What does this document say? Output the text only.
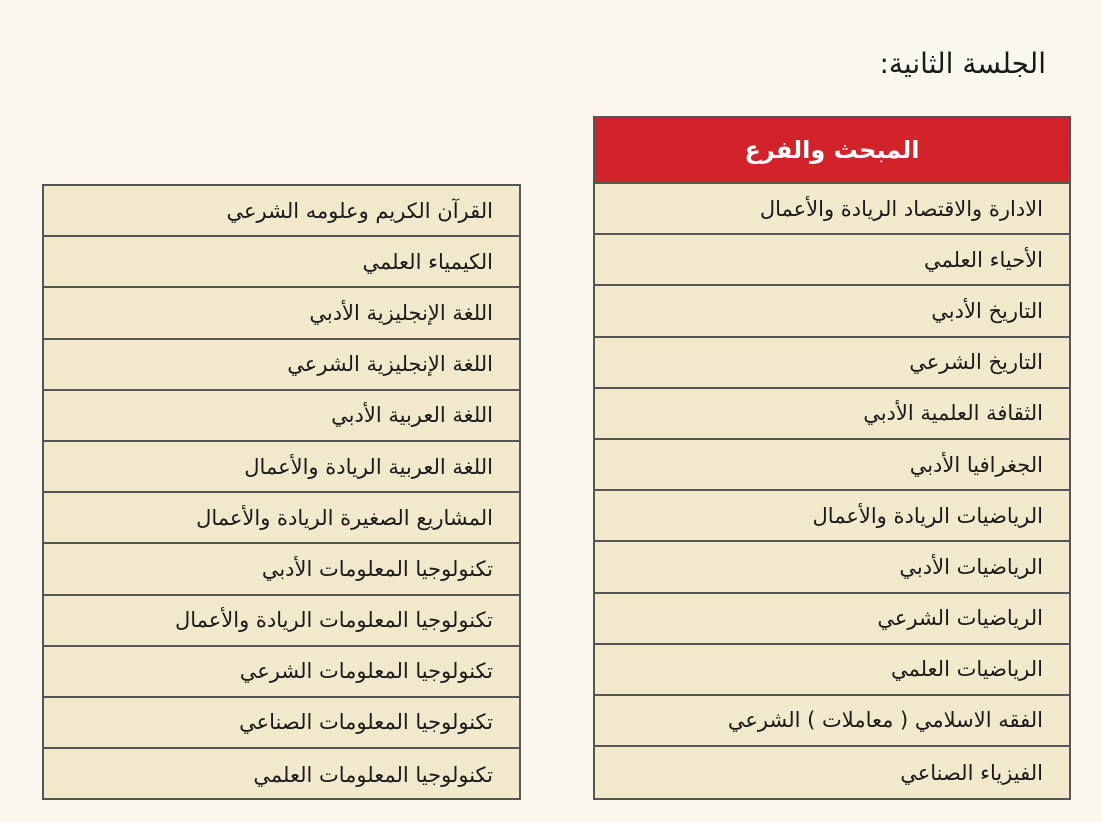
الجلسة الثانية:
المبحث والفرع
الادارة والاقتصاد الريادة والأعمال
الأحياء العلمي
التاريخ الأدبي
التاريخ الشرعي
الثقافة العلمية الأدبي
الجغرافيا الأدبي
الرياضيات الريادة والأعمال
الرياضيات الأدبي
الرياضيات الشرعي
الرياضيات العلمي
الفقه الاسلامي ( معاملات ) الشرعي
الفيزياء الصناعي
القرآن الكريم وعلومه الشرعي
الكيمياء العلمي
اللغة الإنجليزية الأدبي
اللغة الإنجليزية الشرعي
اللغة العربية الأدبي
اللغة العربية الريادة والأعمال
المشاريع الصغيرة الريادة والأعمال
تكنولوجيا المعلومات الأدبي
تكنولوجيا المعلومات الريادة والأعمال
تكنولوجيا المعلومات الشرعي
تكنولوجيا المعلومات الصناعي
تكنولوجيا المعلومات العلمي
